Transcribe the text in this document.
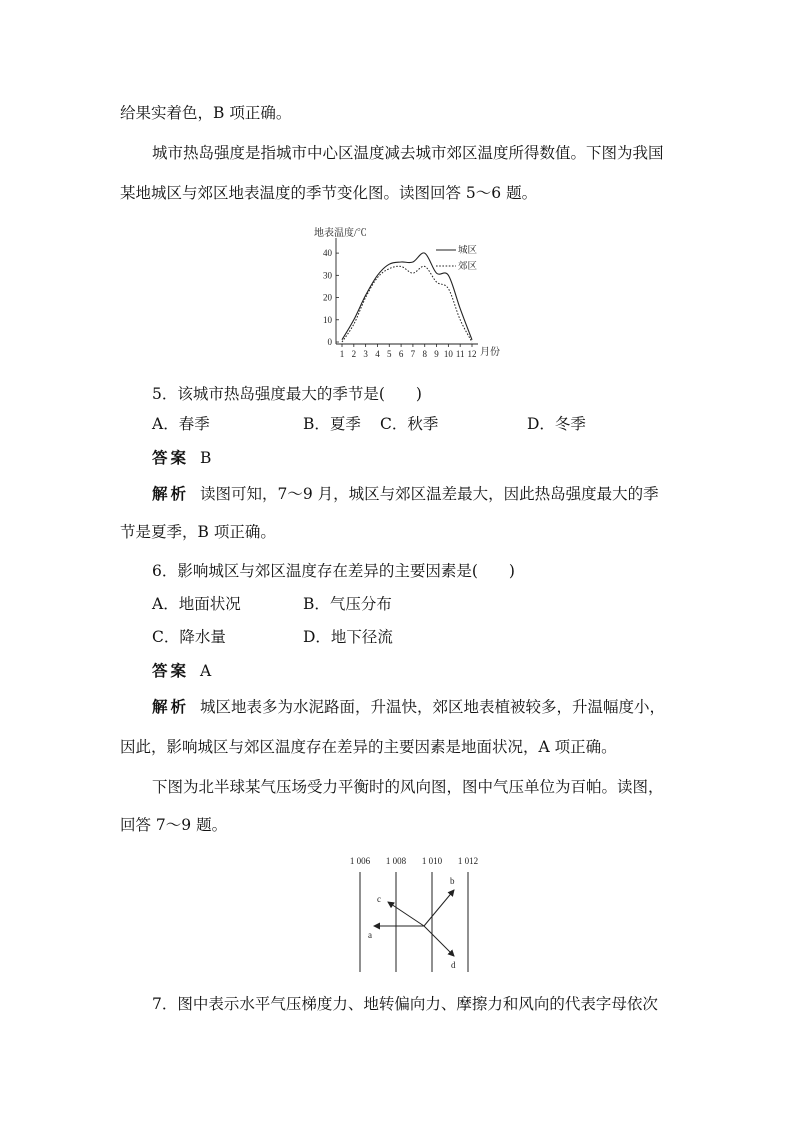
给果实着色，B 项正确。
城市热岛强度是指城市中心区温度减去城市郊区温度所得数值。下图为我国
某地城区与郊区地表温度的季节变化图。读图回答 5～6 题。
地表温度/℃
0
10
20
30
40
1 2 3 4 5 6 7 8 9 10 11 12 月份
城区
郊区
5．该城市热岛强度最大的季节是(　　)
A．春季	B．夏季 C．秋季	D．冬季
答案 B
解析 读图可知，7～9 月，城区与郊区温差最大，因此热岛强度最大的季
节是夏季，B 项正确。
6．影响城区与郊区温度存在差异的主要因素是(　　)
A．地面状况	B．气压分布
C．降水量	D．地下径流
答案 A
解析 城区地表多为水泥路面，升温快，郊区地表植被较多，升温幅度小，
因此，影响城区与郊区温度存在差异的主要因素是地面状况，A 项正确。
下图为北半球某气压场受力平衡时的风向图，图中气压单位为百帕。读图，
回答 7～9 题。
1 006 1 008 1 010 1 012
a
b
c
d
7．图中表示水平气压梯度力、地转偏向力、摩擦力和风向的代表字母依次
